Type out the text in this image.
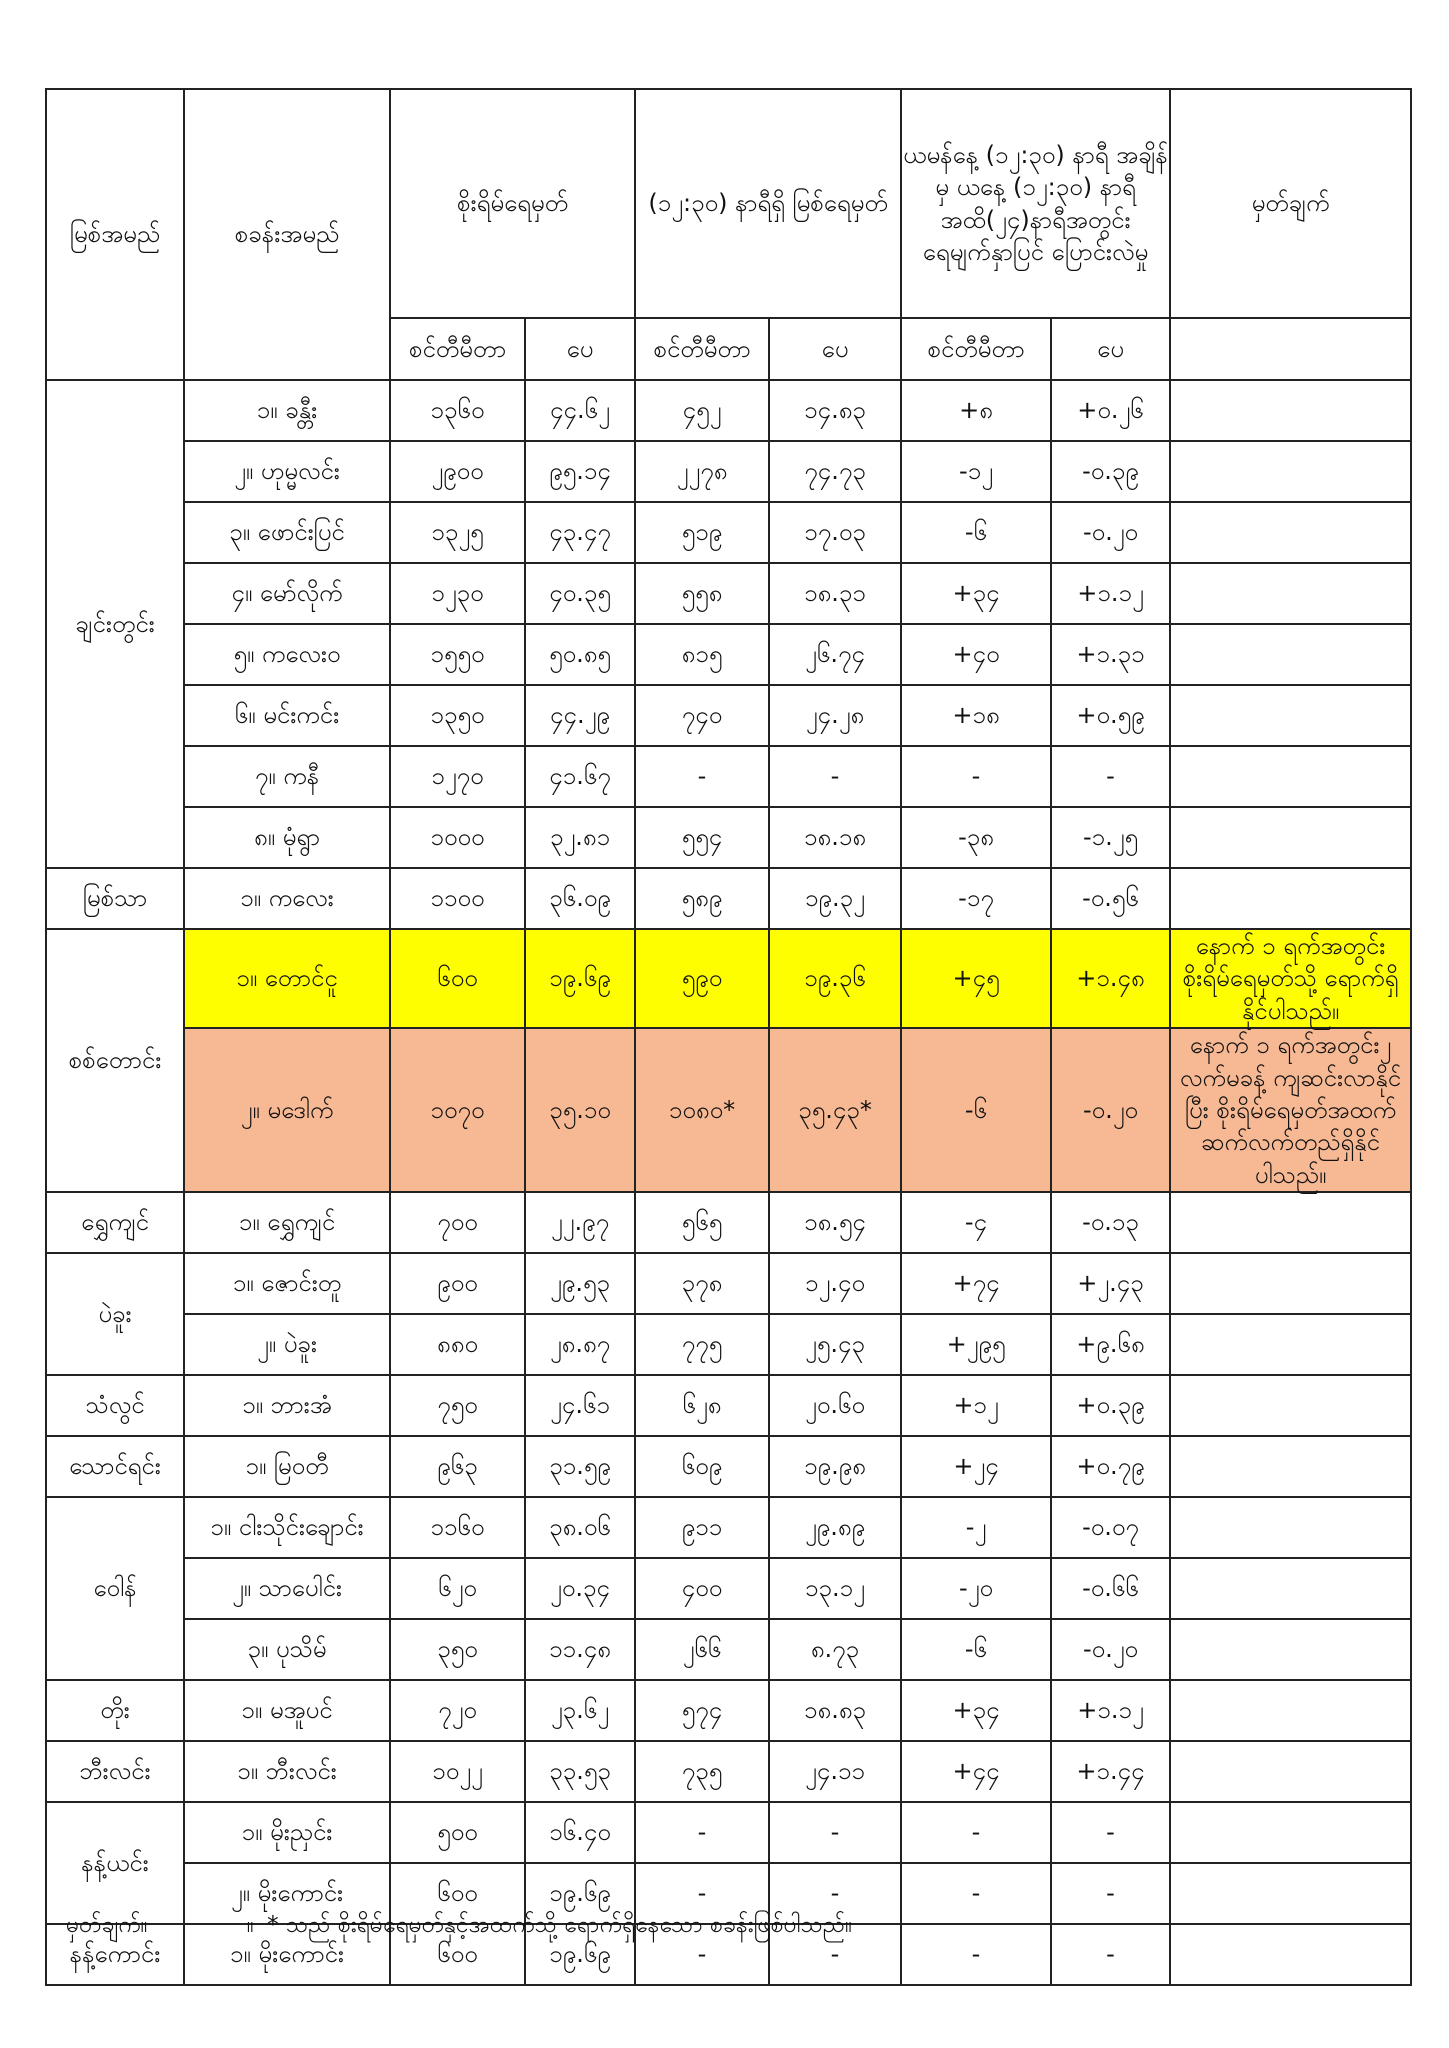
မြစ်အမည်	စခန်းအမည်	စိုးရိမ်ရေမှတ်		(၁၂:၃၀) နာရီရှိ မြစ်ရေမှတ်		ယမန်နေ့ (၁၂:၃၀) နာရီ အချိန်မှ ယနေ့ (၁၂:၃၀) နာရီအထိ(၂၄)နာရီအတွင်း ရေမျက်နှာပြင် ပြောင်းလဲမှု		မှတ်ချက်
		စင်တီမီတာ	ပေ	စင်တီမီတာ	ပေ	စင်တီမီတာ	ပေ	
ချင်းတွင်း	၁။ ခန္တီး	၁၃၆၀	၄၄.၆၂	၄၅၂	၁၄.၈၃	+၈	+၀.၂၆	
	၂။ ဟုမ္မလင်း	၂၉၀၀	၉၅.၁၄	၂၂၇၈	၇၄.၇၃	-၁၂	-၀.၃၉	
	၃။ ဖောင်းပြင်	၁၃၂၅	၄၃.၄၇	၅၁၉	၁၇.၀၃	-၆	-၀.၂၀	
	၄။ မော်လိုက်	၁၂၃၀	၄၀.၃၅	၅၅၈	၁၈.၃၁	+၃၄	+၁.၁၂	
	၅။ ကလေးဝ	၁၅၅၀	၅၀.၈၅	၈၁၅	၂၆.၇၄	+၄၀	+၁.၃၁	
	၆။ မင်းကင်း	၁၃၅၀	၄၄.၂၉	၇၄၀	၂၄.၂၈	+၁၈	+၀.၅၉	
	၇။ ကနီ	၁၂၇၀	၄၁.၆၇	-	-	-	-	
	၈။ မုံရွာ	၁၀၀၀	၃၂.၈၁	၅၅၄	၁၈.၁၈	-၃၈	-၁.၂၅	
မြစ်သာ	၁။ ကလေး	၁၁၀၀	၃၆.၀၉	၅၈၉	၁၉.၃၂	-၁၇	-၀.၅၆	
စစ်တောင်း	၁။ တောင်ငူ	၆၀၀	၁၉.၆၉	၅၉၀	၁၉.၃၆	+၄၅	+၁.၄၈	နောက် ၁ ရက်အတွင်း စိုးရိမ်ရေမှတ်သို့ ရောက်ရှိနိုင်ပါသည်။
	၂။ မဒေါက်	၁၀၇၀	၃၅.၁၀	၁၀၈၀*	၃၅.၄၃*	-၆	-၀.၂၀	နောက် ၁ ရက်အတွင်း၂ လက်မခန့် ကျဆင်းလာနိုင်ပြီး စိုးရိမ်ရေမှတ်အထက် ဆက်လက်တည်ရှိနိုင်ပါသည်။
ရွှေကျင်	၁။ ရွှေကျင်	၇၀၀	၂၂.၉၇	၅၆၅	၁၈.၅၄	-၄	-၀.၁၃	
ပဲခူး	၁။ ဇောင်းတူ	၉၀၀	၂၉.၅၃	၃၇၈	၁၂.၄၀	+၇၄	+၂.၄၃	
	၂။ ပဲခူး	၈၈၀	၂၈.၈၇	၇၇၅	၂၅.၄၃	+၂၉၅	+၉.၆၈	
သံလွင်	၁။ ဘားအံ	၇၅၀	၂၄.၆၁	၆၂၈	၂၀.၆၀	+၁၂	+၀.၃၉	
သောင်ရင်း	၁။ မြဝတီ	၉၆၃	၃၁.၅၉	၆၀၉	၁၉.၉၈	+၂၄	+၀.၇၉	
ဝေါန်	၁။ ငါးသိုင်းချောင်း	၁၁၆၀	၃၈.၀၆	၉၁၁	၂၉.၈၉	-၂	-၀.၀၇	
	၂။ သာပေါင်း	၆၂၀	၂၀.၃၄	၄၀၀	၁၃.၁၂	-၂၀	-၀.၆၆	
	၃။ ပုသိမ်	၃၅၀	၁၁.၄၈	၂၆၆	၈.၇၃	-၆	-၀.၂၀	
တိုး	၁။ မအူပင်	၇၂၀	၂၃.၆၂	၅၇၄	၁၈.၈၃	+၃၄	+၁.၁၂	
ဘီးလင်း	၁။ ဘီးလင်း	၁၀၂၂	၃၃.၅၃	၇၃၅	၂၄.၁၁	+၄၄	+၁.၄၄	
နန့်ယင်း	၁။ မိုးညှင်း	၅၀၀	၁၆.၄၀	-	-	-	-	
	၂။ မိုးကောင်း	၆၀၀	၁၉.၆၉	-	-	-	-	
နန့်ကောင်း	၁။ မိုးကောင်း	၆၀၀	၁၉.၆၉	-	-	-	-	
မှတ်ချက်။	။ * သည် စိုးရိမ်ရေမှတ်နှင့်အထက်သို့ ရောက်ရှိနေသော စခန်းဖြစ်ပါသည်။
